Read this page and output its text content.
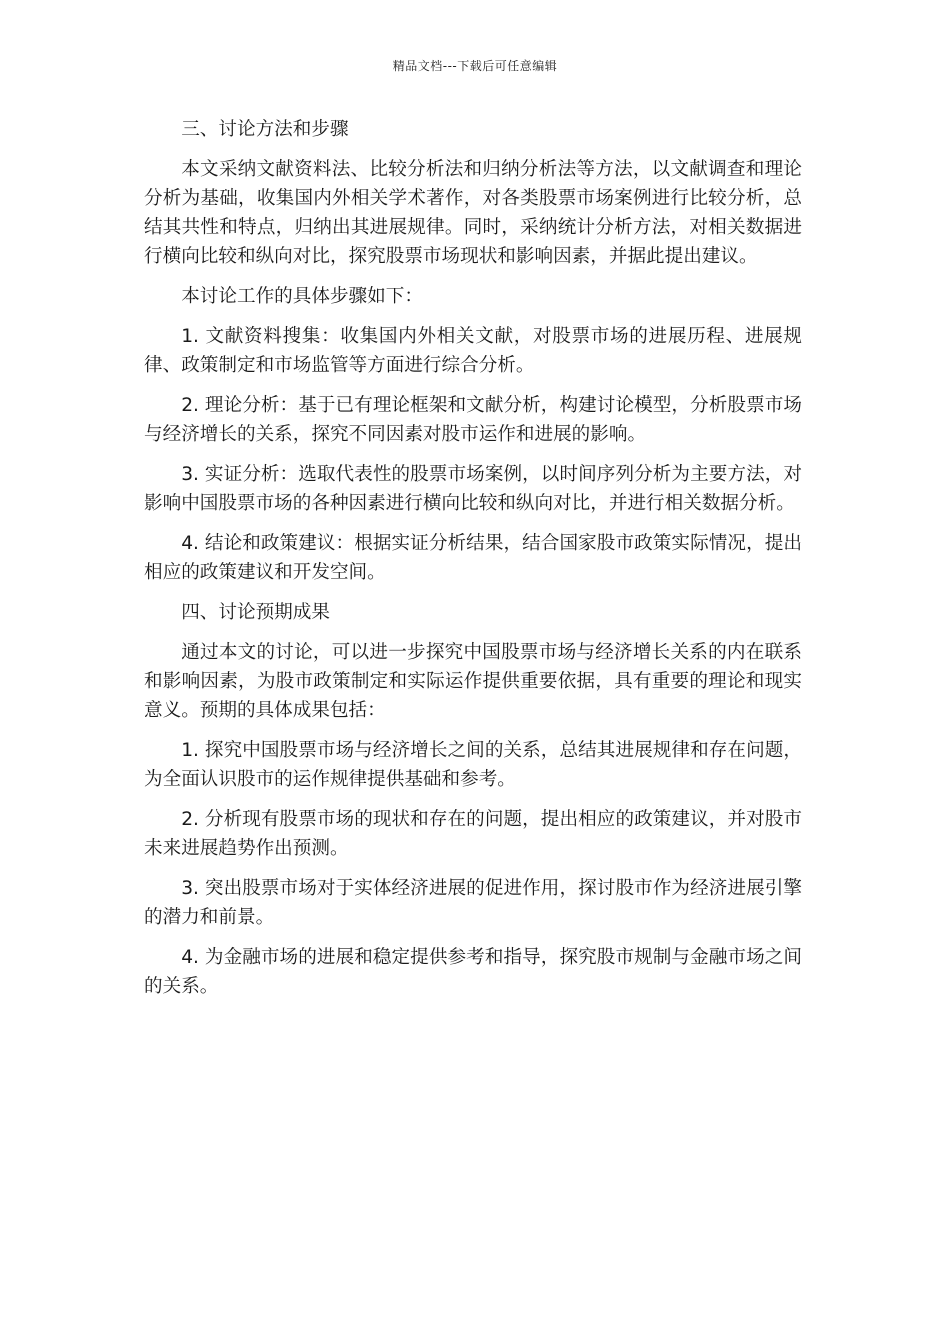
精品文档---下载后可任意编辑

三、讨论方法和步骤

本文采纳文献资料法、比较分析法和归纳分析法等方法，以文献调查和理论分析为基础，收集国内外相关学术著作，对各类股票市场案例进行比较分析，总结其共性和特点，归纳出其进展规律。同时，采纳统计分析方法，对相关数据进行横向比较和纵向对比，探究股票市场现状和影响因素，并据此提出建议。

本讨论工作的具体步骤如下：

1. 文献资料搜集：收集国内外相关文献，对股票市场的进展历程、进展规律、政策制定和市场监管等方面进行综合分析。

2. 理论分析：基于已有理论框架和文献分析，构建讨论模型，分析股票市场与经济增长的关系，探究不同因素对股市运作和进展的影响。

3. 实证分析：选取代表性的股票市场案例，以时间序列分析为主要方法，对影响中国股票市场的各种因素进行横向比较和纵向对比，并进行相关数据分析。

4. 结论和政策建议：根据实证分析结果，结合国家股市政策实际情况，提出相应的政策建议和开发空间。

四、讨论预期成果

通过本文的讨论，可以进一步探究中国股票市场与经济增长关系的内在联系和影响因素，为股市政策制定和实际运作提供重要依据，具有重要的理论和现实意义。预期的具体成果包括：

1. 探究中国股票市场与经济增长之间的关系，总结其进展规律和存在问题，为全面认识股市的运作规律提供基础和参考。

2. 分析现有股票市场的现状和存在的问题，提出相应的政策建议，并对股市未来进展趋势作出预测。

3. 突出股票市场对于实体经济进展的促进作用，探讨股市作为经济进展引擎的潜力和前景。

4. 为金融市场的进展和稳定提供参考和指导，探究股市规制与金融市场之间的关系。
